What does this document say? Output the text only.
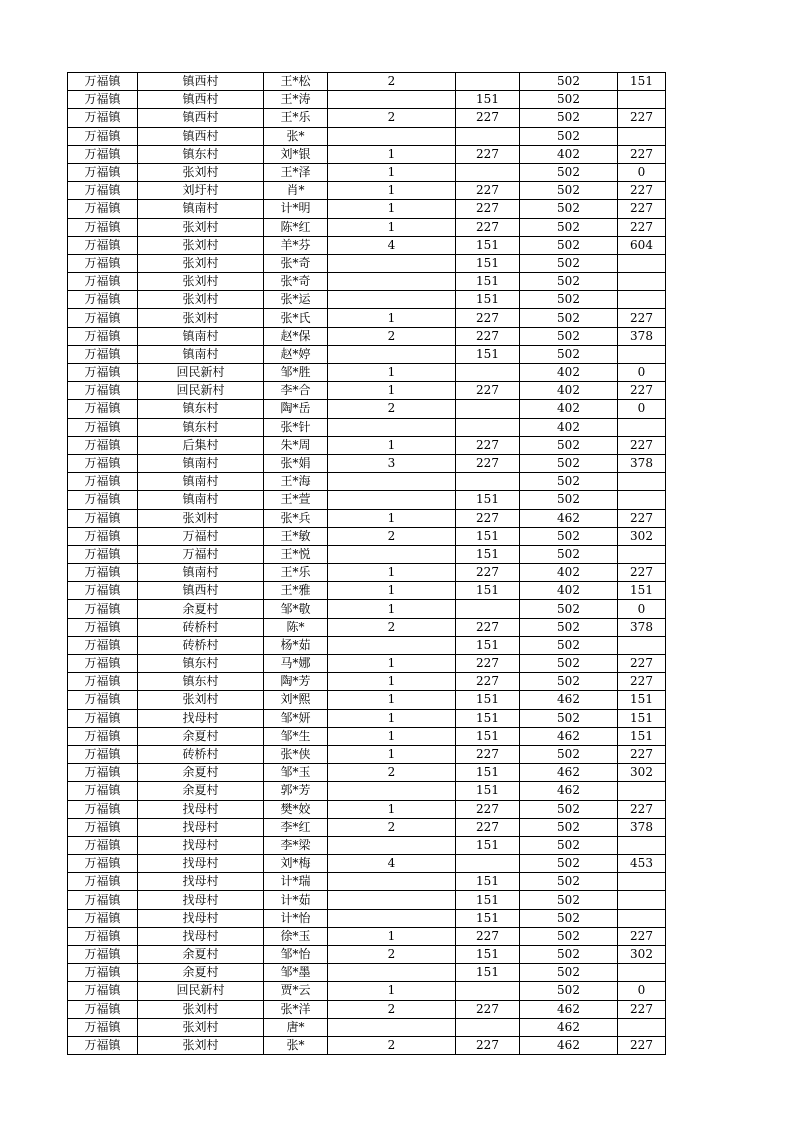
万福镇	镇西村	王*松	2		502	151
万福镇	镇西村	王*涛		151	502	
万福镇	镇西村	王*乐	2	227	502	227
万福镇	镇西村	张*			502	
万福镇	镇东村	刘*银	1	227	402	227
万福镇	张刘村	王*泽	1		502	0
万福镇	刘圩村	肖*	1	227	502	227
万福镇	镇南村	计*明	1	227	502	227
万福镇	张刘村	陈*红	1	227	502	227
万福镇	张刘村	羊*芬	4	151	502	604
万福镇	张刘村	张*奇		151	502	
万福镇	张刘村	张*奇		151	502	
万福镇	张刘村	张*运		151	502	
万福镇	张刘村	张*氏	1	227	502	227
万福镇	镇南村	赵*保	2	227	502	378
万福镇	镇南村	赵*婷		151	502	
万福镇	回民新村	邹*胜	1		402	0
万福镇	回民新村	李*合	1	227	402	227
万福镇	镇东村	陶*岳	2		402	0
万福镇	镇东村	张*针			402	
万福镇	后集村	朱*周	1	227	502	227
万福镇	镇南村	张*娟	3	227	502	378
万福镇	镇南村	王*海			502	
万福镇	镇南村	王*萱		151	502	
万福镇	张刘村	张*兵	1	227	462	227
万福镇	万福村	王*敏	2	151	502	302
万福镇	万福村	王*悦		151	502	
万福镇	镇南村	王*乐	1	227	402	227
万福镇	镇西村	王*雅	1	151	402	151
万福镇	余夏村	邹*敬	1		502	0
万福镇	砖桥村	陈*	2	227	502	378
万福镇	砖桥村	杨*茹		151	502	
万福镇	镇东村	马*娜	1	227	502	227
万福镇	镇东村	陶*芳	1	227	502	227
万福镇	张刘村	刘*熙	1	151	462	151
万福镇	找母村	邹*妍	1	151	502	151
万福镇	余夏村	邹*生	1	151	462	151
万福镇	砖桥村	张*侠	1	227	502	227
万福镇	余夏村	邹*玉	2	151	462	302
万福镇	余夏村	郭*芳		151	462	
万福镇	找母村	樊*姣	1	227	502	227
万福镇	找母村	李*红	2	227	502	378
万福镇	找母村	李*梁		151	502	
万福镇	找母村	刘*梅	4		502	453
万福镇	找母村	计*瑞		151	502	
万福镇	找母村	计*茹		151	502	
万福镇	找母村	计*怡		151	502	
万福镇	找母村	徐*玉	1	227	502	227
万福镇	余夏村	邹*怡	2	151	502	302
万福镇	余夏村	邹*墨		151	502	
万福镇	回民新村	贾*云	1		502	0
万福镇	张刘村	张*洋	2	227	462	227
万福镇	张刘村	唐*			462	
万福镇	张刘村	张*	2	227	462	227
